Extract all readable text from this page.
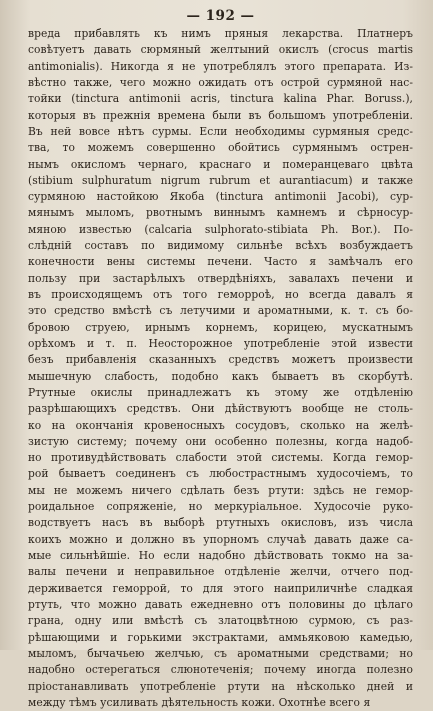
— 192 —
вреда прибавлять къ нимъ пряныя лекарства. Платнеръ
совѣтуетъ давать сюрмяный желтыний окислъ (crocus martis
antimonialis). Никогда я не употреблялъ этого препарата. Из-
вѣстно также, чего можно ожидать отъ острой сурмяной нас-
тойки (tinctura antimonii acris, tinctura kalina Phar. Boruss.),
которыя въ прежнія времена были въ большомъ употребленіи.
Въ ней вовсе нѣтъ сурмы. Если необходимы сурмяныя средс-
тва, то можемъ совершенно обойтись сурмянымъ острен-
нымъ окисломъ чернаго, краснаго и померанцеваго цвѣта
(stibium sulphuratum nigrum rubrum et aurantiacum) и также
сурмяною настойкою Якоба (tinctura antimonii Jacobi), сур-
мянымъ мыломъ, рвотнымъ виннымъ камнемъ и сѣрносур-
мяною известью (calcaria sulphorato-stibiata Ph. Bor.). По-
слѣдній составъ по видимому сильнѣе всѣхъ возбуждаетъ
конечности вены системы печени. Часто я замѣчалъ его
пользу при застарѣлыхъ отвердѣніяхъ, завалахъ печени и
въ происходящемъ отъ того геморроѣ, но всегда давалъ я
это средство вмѣстѣ съ летучими и ароматными, к. т. съ бо-
бровою струею, ирнымъ корнемъ, корицею, мускатнымъ
орѣхомъ и т. п. Неосторожное употребленіе этой извести
безъ прибавленія сказанныхъ средствъ можетъ произвести
мышечную слабость, подобно какъ бываетъ въ скорбутѣ.
Ртутные окислы принадлежатъ къ этому же отдѣленію
разрѣшающихъ средствъ. Они дѣйствуютъ вообще не столь-
ко на окончанія кровеносныхъ сосудовъ, сколько на желѣ-
зистую систему; почему они особенно полезны, когда надоб-
но противудѣйствовать слабости этой системы. Когда гемор-
рой бываетъ соединенъ съ любострастнымъ худосочіемъ, то
мы не можемъ ничего сдѣлать безъ ртути: здѣсь не гемор-
роидальное сопряженіе, но меркуріальное. Худосочіе руко-
водствуетъ насъ въ выборѣ ртутныхъ окисловъ, изъ числа
коихъ можно и должно въ упорномъ случаѣ давать даже са-
мые сильнѣйшіе. Но если надобно дѣйствовать токмо на за-
валы печени и неправильное отдѣленіе желчи, отчего под-
держивается геморрой, то для этого наиприличнѣе сладкая
ртуть, что можно давать ежедневно отъ половины до цѣлаго
грана, одну или вмѣстѣ съ златоцвѣтною сурмою, съ раз-
рѣшающими и горькими экстрактами, аммьяковою камедью,
мыломъ, бычачьею желчью, съ ароматными средствами; но
надобно остерегаться слюнотеченія; почему иногда полезно
пріостанавливать употребленіе ртути на нѣсколько дней и
между тѣмъ усиливать дѣятельность кожи. Охотнѣе всего я
